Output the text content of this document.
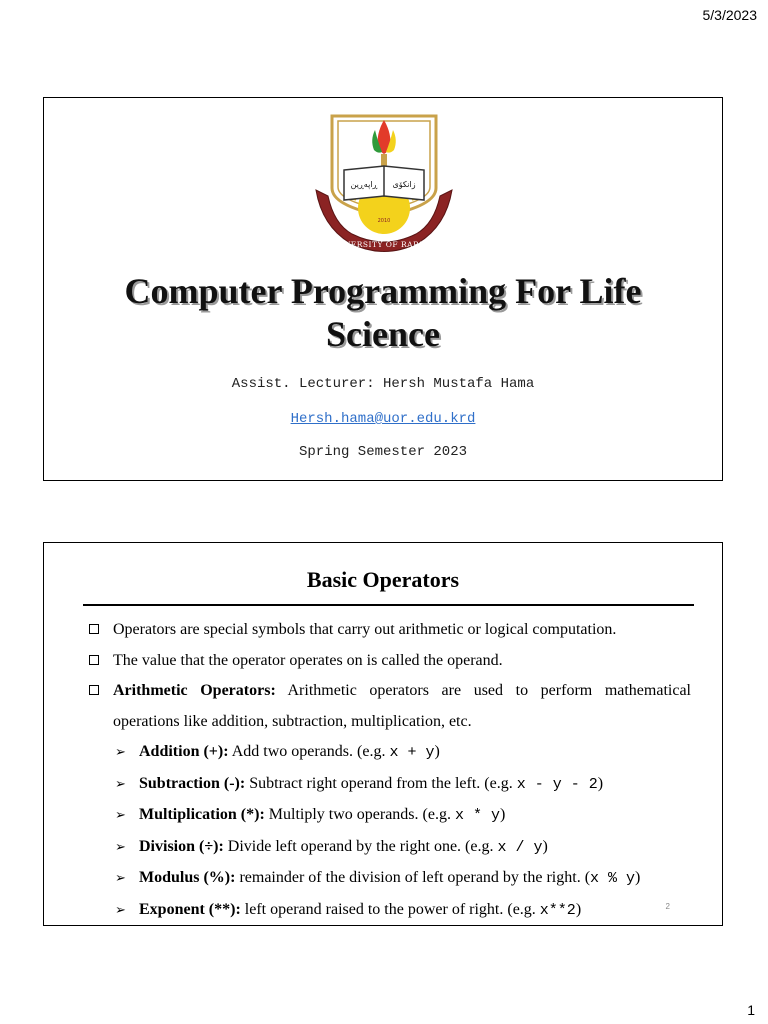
5/3/2023
ڕاپەڕین زانکۆی
2010
UNIVERSITY OF RAPARIN
Computer Programming For Life
Science
Assist. Lecturer: Hersh Mustafa Hama
Hersh.hama@uor.edu.krd
Spring Semester 2023
Basic Operators
Operators are special symbols that carry out arithmetic or logical computation.
The value that the operator operates on is called the operand.
Arithmetic Operators: Arithmetic operators are used to perform mathematical operations like addition, subtraction, multiplication, etc.
➢ Addition (+): Add two operands. (e.g. x + y)
➢ Subtraction (-): Subtract right operand from the left. (e.g. x - y - 2)
➢ Multiplication (*): Multiply two operands. (e.g. x * y)
➢ Division (÷): Divide left operand by the right one. (e.g. x / y)
➢ Modulus (%): remainder of the division of left operand by the right. (x % y)
➢ Exponent (**): left operand raised to the power of right. (e.g. x**2)	2
1
